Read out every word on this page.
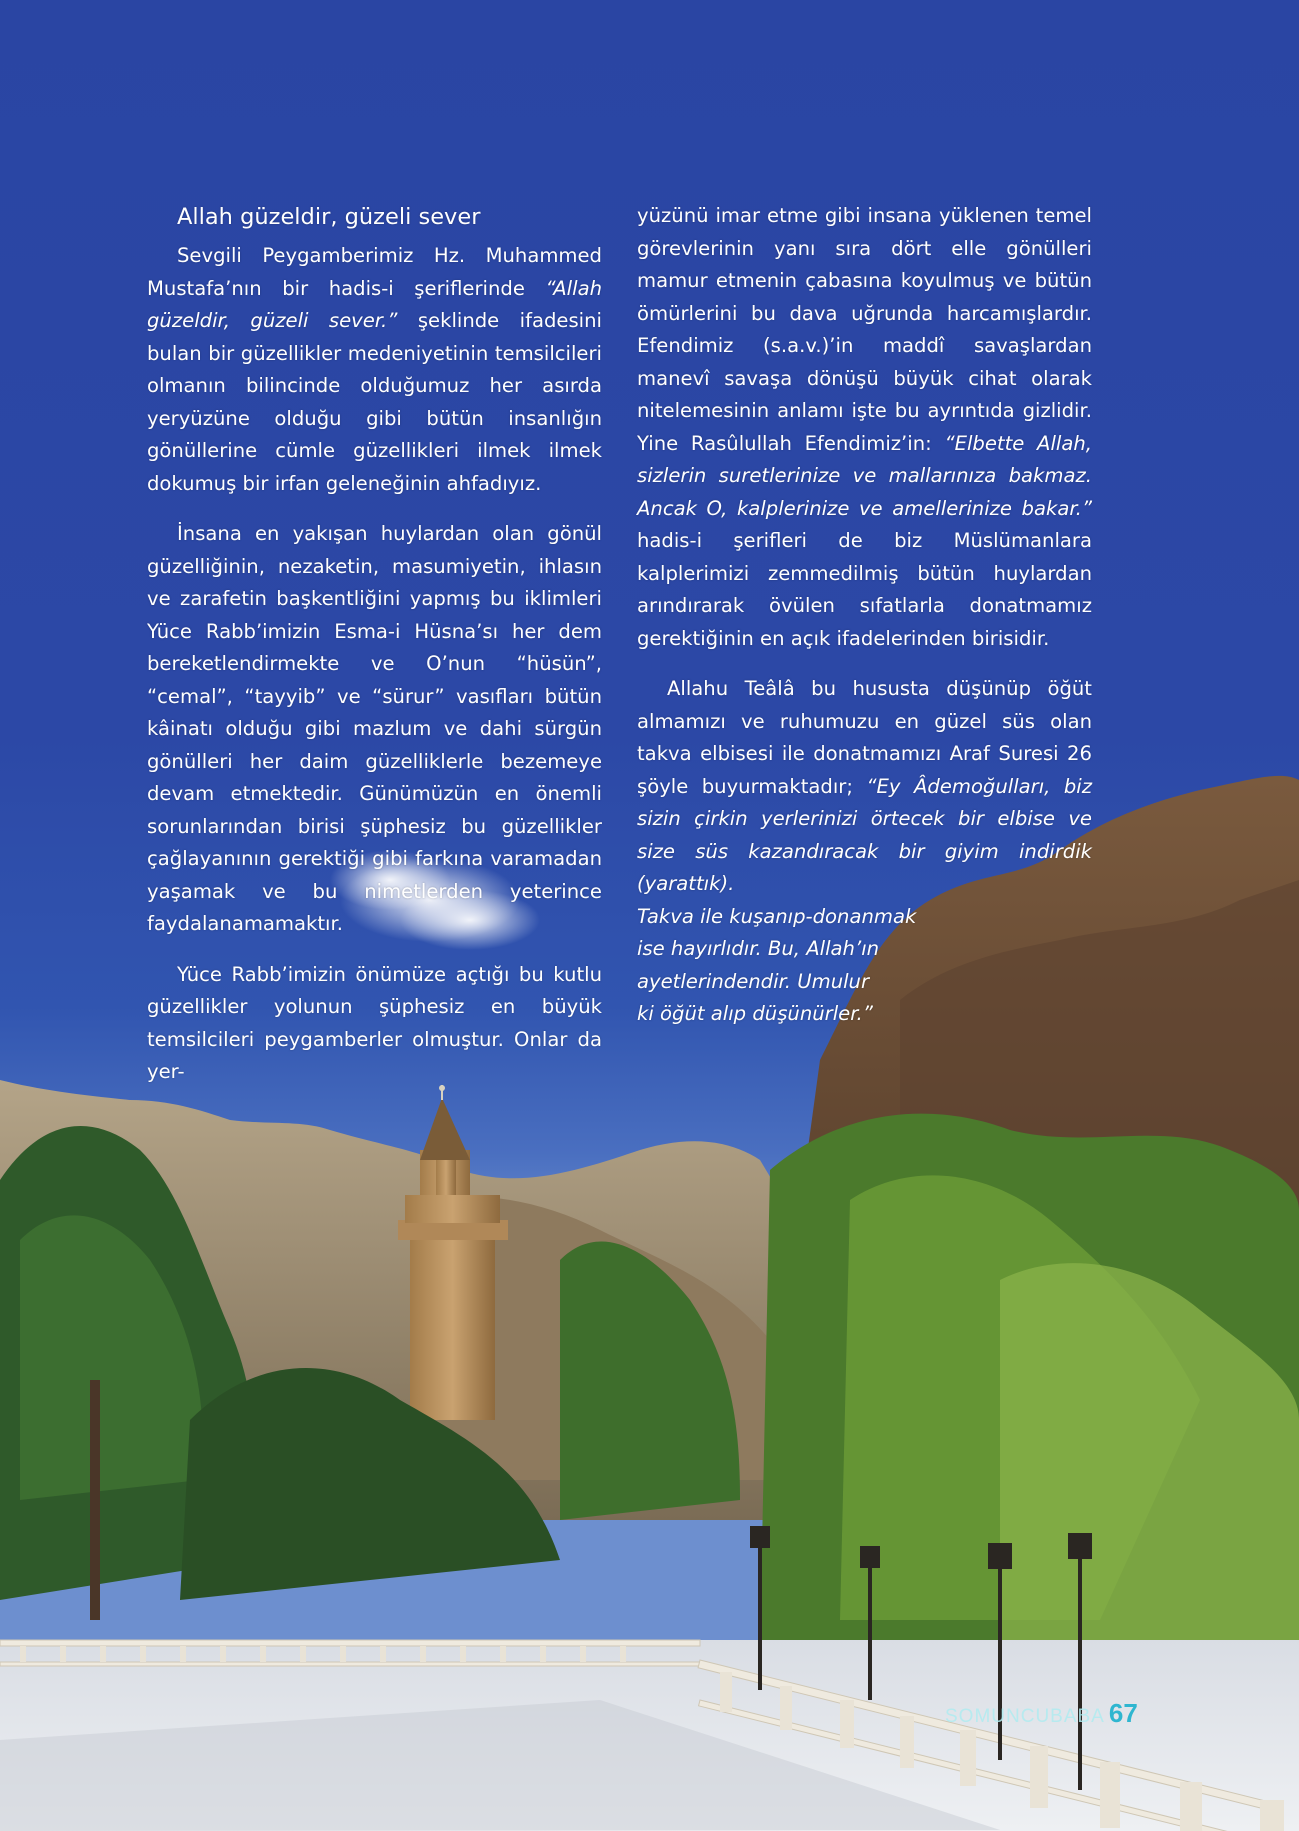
Allah güzeldir, güzeli sever

Sevgili Peygamberimiz Hz. Muhammed Mustafa’nın bir hadis-i şeriflerinde “Allah güzeldir, güzeli sever.” şeklinde ifadesini bulan bir güzellikler medeniyetinin temsilcileri olmanın bilincinde olduğumuz her asırda yeryüzüne olduğu gibi bütün insanlığın gönüllerine cümle güzellikleri ilmek ilmek dokumuş bir irfan geleneğinin ahfadıyız.

İnsana en yakışan huylardan olan gönül güzelliğinin, nezaketin, masumiyetin, ihlasın ve zarafetin başkentliğini yapmış bu iklimleri Yüce Rabb’imizin Esma-i Hüsna’sı her dem bereketlendirmekte ve O’nun “hüsün”, “cemal”, “tayyib” ve “sürur” vasıfları bütün kâinatı olduğu gibi mazlum ve dahi sürgün gönülleri her daim güzelliklerle bezemeye devam etmektedir. Günümüzün en önemli sorunlarından birisi şüphesiz bu güzellikler çağlayanının gerektiği gibi farkına varamadan yaşamak ve bu nimetlerden yeterince faydalanamamaktır.

Yüce Rabb’imizin önümüze açtığı bu kutlu güzellikler yolunun şüphesiz en büyük temsilcileri peygamberler olmuştur. Onlar da yer-

yüzünü imar etme gibi insana yüklenen temel görevlerinin yanı sıra dört elle gönülleri mamur etmenin çabasına koyulmuş ve bütün ömürlerini bu dava uğrunda harcamışlardır. Efendimiz (s.a.v.)’in maddî savaşlardan manevî savaşa dönüşü büyük cihat olarak nitelemesinin anlamı işte bu ayrıntıda gizlidir. Yine Rasûlullah Efendimiz’in: “Elbette Allah, sizlerin suretlerinize ve mallarınıza bakmaz. Ancak O, kalplerinize ve amellerinize bakar.” hadis-i şerifleri de biz Müslümanlara kalplerimizi zemmedilmiş bütün huylardan arındırarak övülen sıfatlarla donatmamız gerektiğinin en açık ifadelerinden birisidir.

Allahu Teâlâ bu hususta düşünüp öğüt almamızı ve ruhumuzu en güzel süs olan takva elbisesi ile donatmamızı Araf Suresi 26 şöyle buyurmaktadır; “Ey Âdemoğulları, biz sizin çirkin yerlerinizi örtecek bir elbise ve size süs kazandıracak bir giyim indirdik (yarattık).

Takva ile kuşanıp-donanmak
ise hayırlıdır. Bu, Allah’ın
ayetlerindendir. Umulur
ki öğüt alıp düşünürler.”
SOMUNCUBABA 67
